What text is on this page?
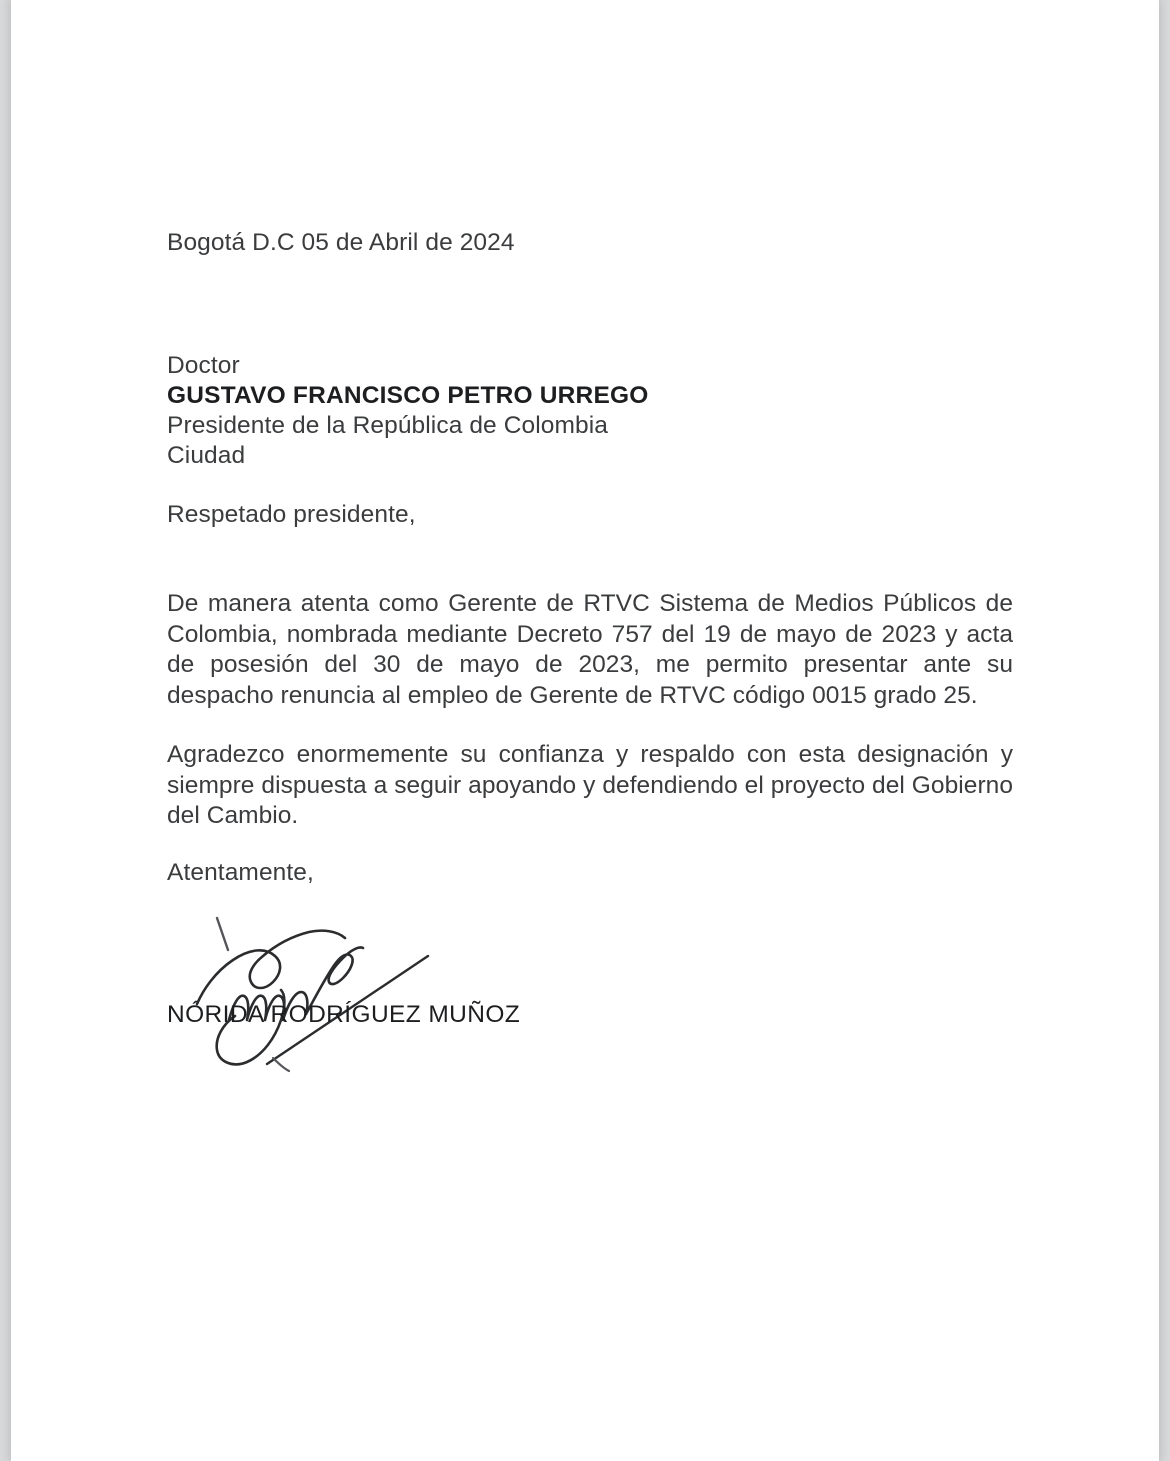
Bogotá D.C 05 de Abril de 2024
Doctor
GUSTAVO FRANCISCO PETRO URREGO
Presidente de la República de Colombia
Ciudad
Respetado presidente,
De manera atenta como Gerente de RTVC Sistema de Medios Públicos de Colombia, nombrada mediante Decreto 757 del 19 de mayo de 2023 y acta de posesión del 30 de mayo de 2023, me permito presentar ante su despacho renuncia al empleo de Gerente de RTVC código 0015 grado 25.
Agradezco enormemente su confianza y respaldo con esta designación y siempre dispuesta a seguir apoyando y defendiendo el proyecto del Gobierno del Cambio.
Atentamente,
NÓRIDA RODRÍGUEZ MUÑOZ
